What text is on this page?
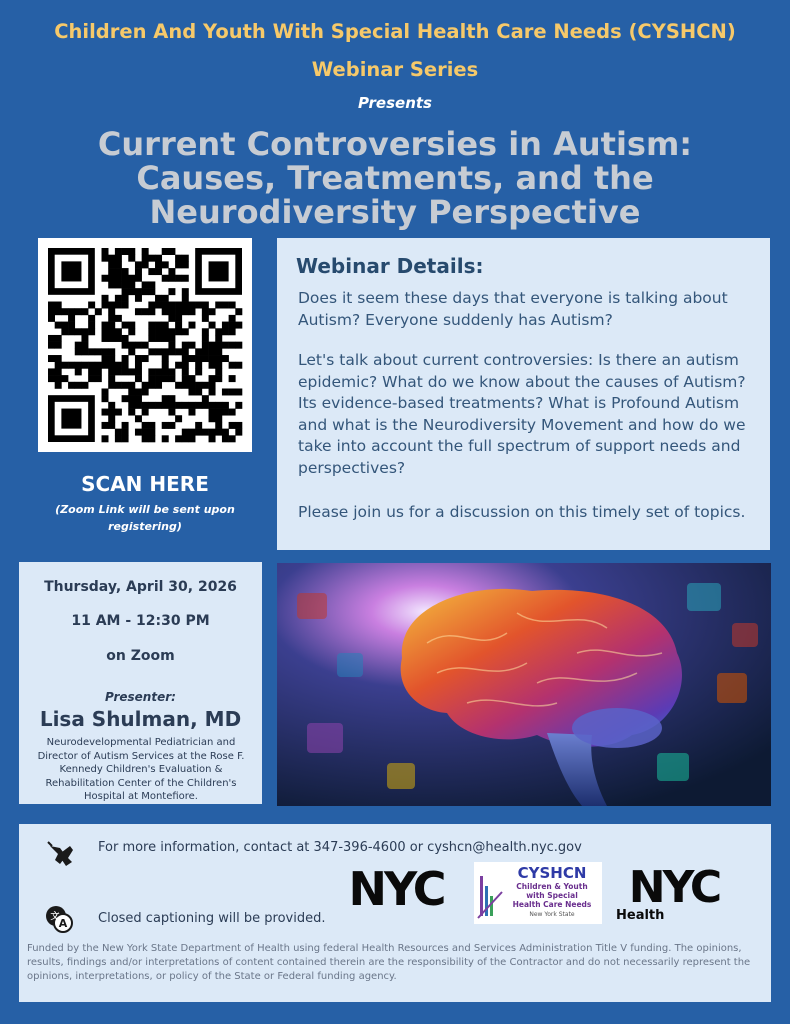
Children And Youth With Special Health Care Needs (CYSHCN)
Webinar Series
Presents
Current Controversies in Autism:
Causes, Treatments, and the
Neurodiversity Perspective
SCAN HERE
(Zoom Link will be sent upon registering)
Webinar Details:
Does it seem these days that everyone is talking about Autism? Everyone suddenly has Autism?
Let's talk about current controversies: Is there an autism epidemic? What do we know about the causes of Autism? Its evidence-based treatments? What is Profound Autism and what is the Neurodiversity Movement and how do we take into account the full spectrum of support needs and perspectives?
Please join us for a discussion on this timely set of topics.
Thursday, April 30, 2026
11 AM - 12:30 PM
on Zoom
Presenter:
Lisa Shulman, MD
Neurodevelopmental Pediatrician and Director of Autism Services at the Rose F. Kennedy Children's Evaluation & Rehabilitation Center of the Children's Hospital at Montefiore.
For more information, contact at 347-396-4600 or cyshcn@health.nyc.gov
A
文	Closed captioning will be provided.
Funded by the New York State Department of Health using federal Health Resources and Services Administration Title V funding. The opinions, results, findings and/or interpretations of content contained therein are the responsibility of the Contractor and do not necessarily represent the opinions, interpretations, or policy of the State or Federal funding agency.
NYC	CYSHCN
Children & Youth
with Special
Health Care Needs
New York State
NYC
Health
